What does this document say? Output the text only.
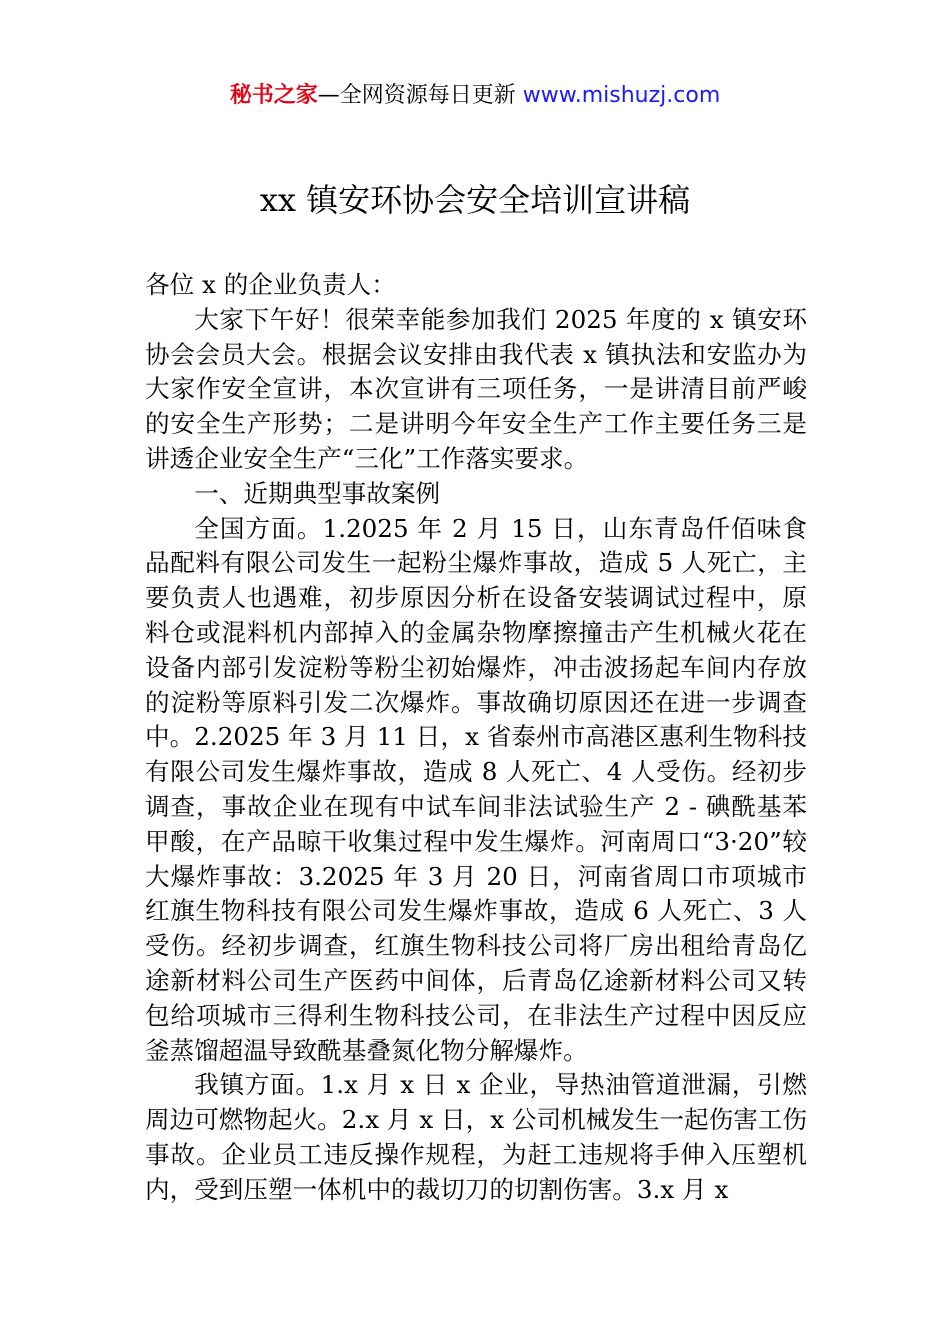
秘书之家—全网资源每日更新 www.mishuzj.com
xx 镇安环协会安全培训宣讲稿

各位 x 的企业负责人：

大家下午好！很荣幸能参加我们 2025 年度的 x 镇安环协会会员大会。根据会议安排由我代表 x 镇执法和安监办为大家作安全宣讲，本次宣讲有三项任务，一是讲清目前严峻的安全生产形势；二是讲明今年安全生产工作主要任务三是讲透企业安全生产“三化”工作落实要求。

一、近期典型事故案例

全国方面。1.2025 年 2 月 15 日，山东青岛仟佰味食品配料有限公司发生一起粉尘爆炸事故，造成 5 人死亡，主要负责人也遇难，初步原因分析在设备安装调试过程中，原料仓或混料机内部掉入的金属杂物摩擦撞击产生机械火花在设备内部引发淀粉等粉尘初始爆炸，冲击波扬起车间内存放的淀粉等原料引发二次爆炸。事故确切原因还在进一步调查中。2.2025 年 3 月 11 日，x 省泰州市高港区惠利生物科技有限公司发生爆炸事故，造成 8 人死亡、4 人受伤。经初步调查，事故企业在现有中试车间非法试验生产 2 - 碘酰基苯甲酸，在产品晾干收集过程中发生爆炸。河南周口“3·20”较大爆炸事故：3.2025 年 3 月 20 日，河南省周口市项城市红旗生物科技有限公司发生爆炸事故，造成 6 人死亡、3 人受伤。经初步调查，红旗生物科技公司将厂房出租给青岛亿途新材料公司生产医药中间体，后青岛亿途新材料公司又转包给项城市三得利生物科技公司，在非法生产过程中因反应釜蒸馏超温导致酰基叠氮化物分解爆炸。

我镇方面。1.x 月 x 日 x 企业，导热油管道泄漏，引燃周边可燃物起火。2.x 月 x 日，x 公司机械发生一起伤害工伤事故。企业员工违反操作规程，为赶工违规将手伸入压塑机内，受到压塑一体机中的裁切刀的切割伤害。3.x 月 x
